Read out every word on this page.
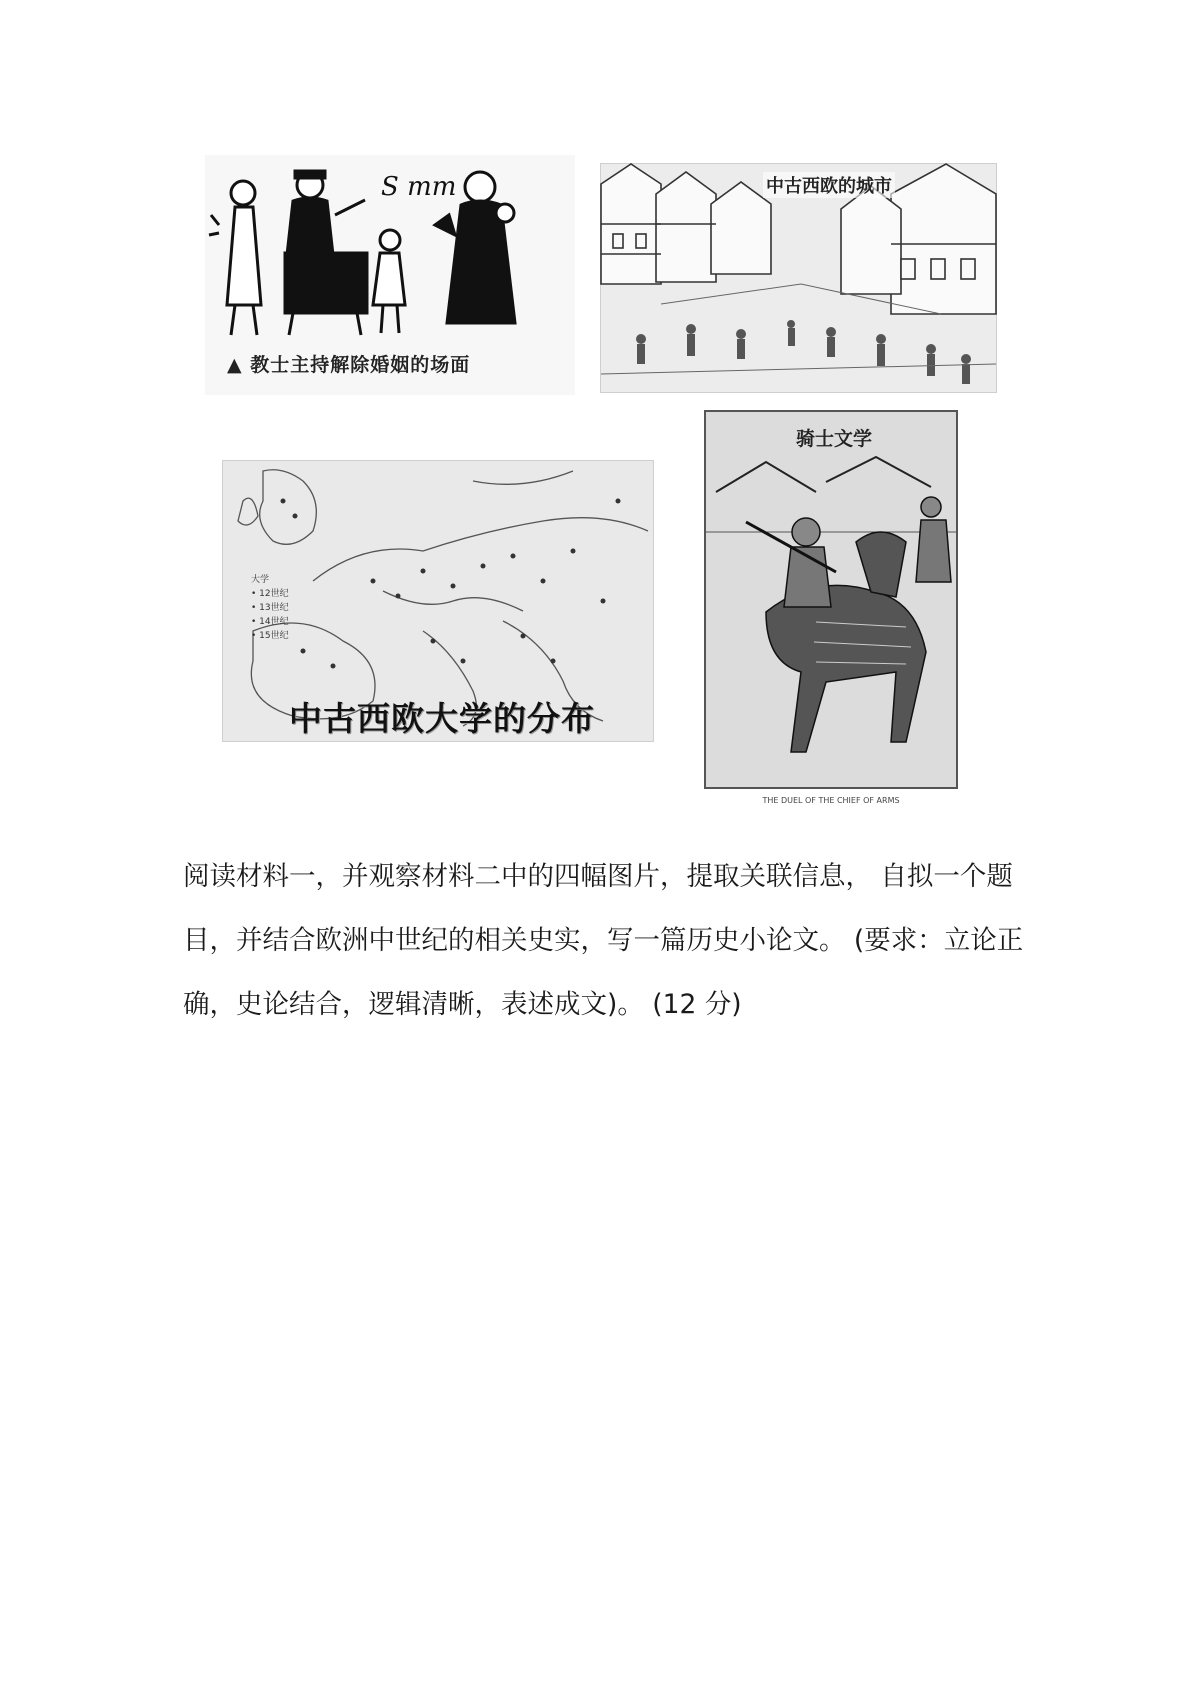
S mm
▲ 教士主持解除婚姻的场面
中古西欧的城市
大学
• 12世纪
• 13世纪
• 14世纪
• 15世纪
中古西欧大学的分布
骑士文学
THE DUEL OF THE CHIEF OF ARMS

阅读材料一，并观察材料二中的四幅图片，提取关联信息， 自拟一个题目，并结合欧洲中世纪的相关史实，写一篇历史小论文。 (要求：立论正确，史论结合，逻辑清晰，表述成文)。 (12 分)
